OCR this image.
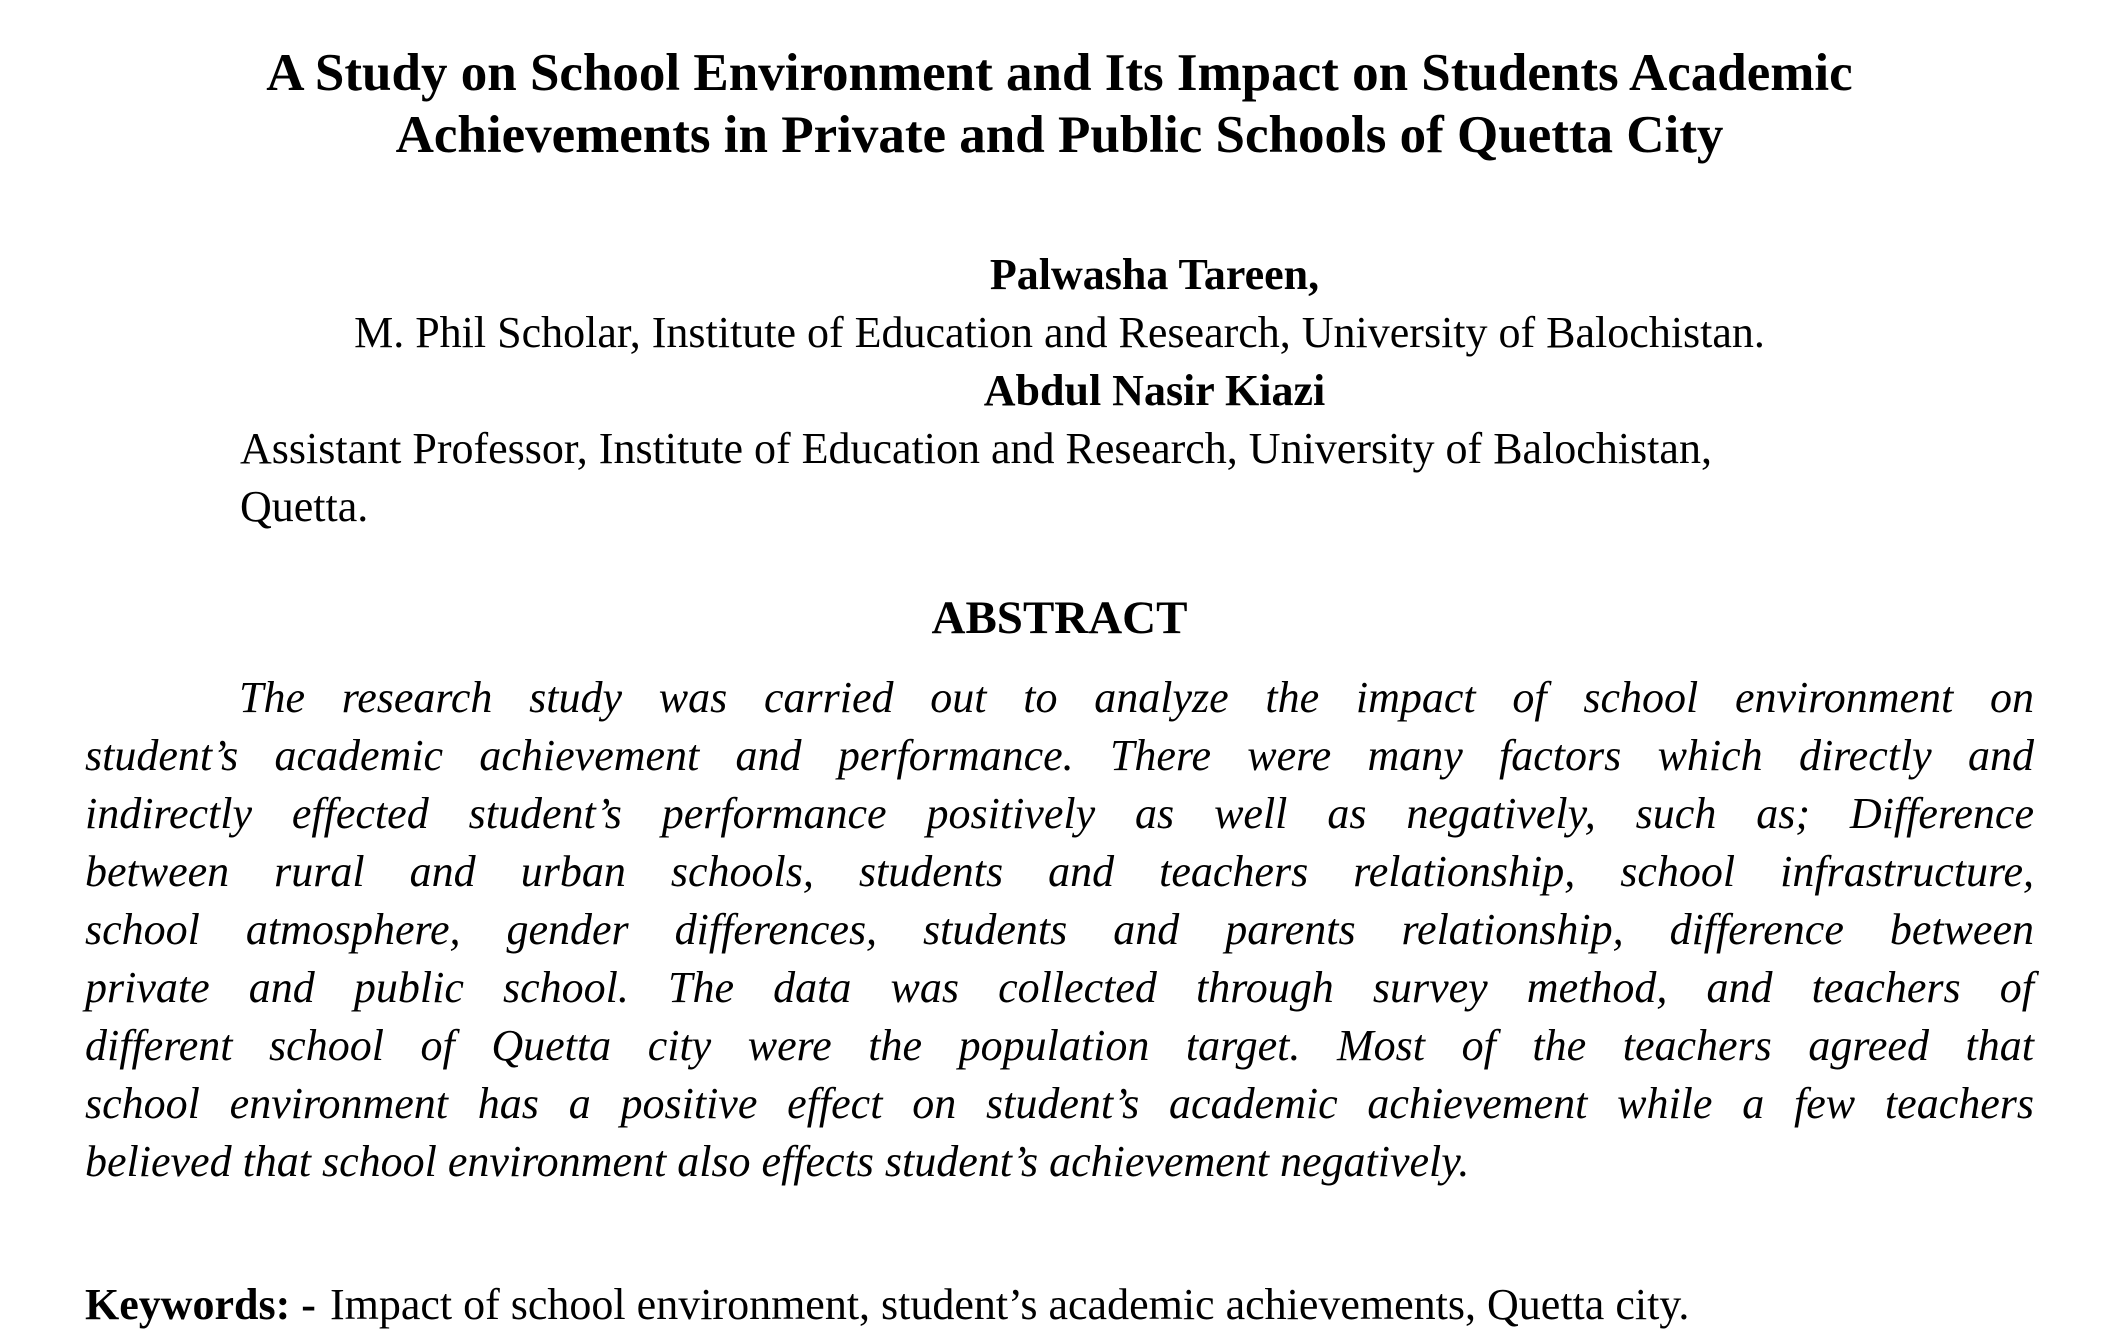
A Study on School Environment and Its Impact on Students Academic
Achievements in Private and Public Schools of Quetta City
Palwasha Tareen,
M. Phil Scholar, Institute of Education and Research, University of Balochistan.
Abdul Nasir Kiazi
Assistant Professor, Institute of Education and Research, University of Balochistan,
Quetta.
ABSTRACT
The research study was carried out to analyze the impact of school environment on
student’s academic achievement and performance. There were many factors which directly and
indirectly effected student’s performance positively as well as negatively, such as; Difference
between rural and urban schools, students and teachers relationship, school infrastructure,
school atmosphere, gender differences, students and parents relationship, difference between
private and public school. The data was collected through survey method, and teachers of
different school of Quetta city were the population target. Most of the teachers agreed that
school environment has a positive effect on student’s academic achievement while a few teachers
believed that school environment also effects student’s achievement negatively.
Keywords: - Impact of school environment, student’s academic achievements, Quetta city.
